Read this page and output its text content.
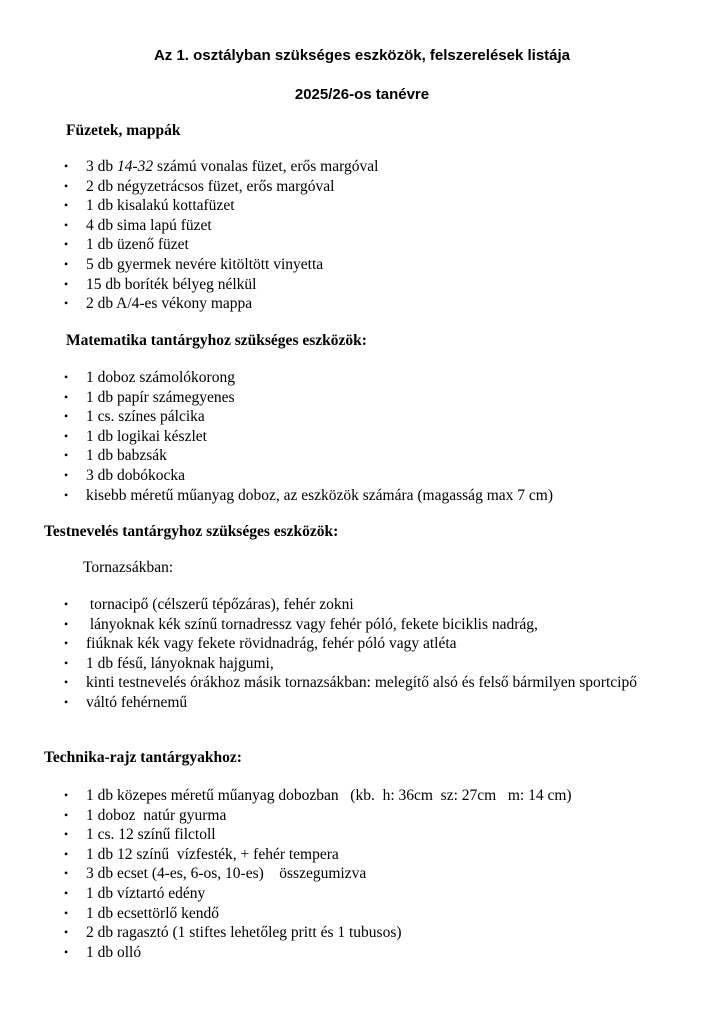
Az 1. osztályban szükséges eszközök, felszerelések listája
2025/26-os tanévre
Füzetek, mappák
• 3 db 14-32 számú vonalas füzet, erős margóval
• 2 db négyzetrácsos füzet, erős margóval
• 1 db kisalakú kottafüzet
• 4 db sima lapú füzet
• 1 db üzenő füzet
• 5 db gyermek nevére kitöltött vinyetta
• 15 db boríték bélyeg nélkül
• 2 db A/4-es vékony mappa
Matematika tantárgyhoz szükséges eszközök:
• 1 doboz számolókorong
• 1 db papír számegyenes
• 1 cs. színes pálcika
• 1 db logikai készlet
• 1 db babzsák
• 3 db dobókocka
• kisebb méretű műanyag doboz, az eszközök számára (magasság max 7 cm)
Testnevelés tantárgyhoz szükséges eszközök:
Tornazsákban:
•  tornacipő (célszerű tépőzáras), fehér zokni
•  lányoknak kék színű tornadressz vagy fehér póló, fekete biciklis nadrág,
• fiúknak kék vagy fekete rövidnadrág, fehér póló vagy atléta
• 1 db fésű, lányoknak hajgumi,
• kinti testnevelés órákhoz másik tornazsákban: melegítő alsó és felső bármilyen sportcipő
• váltó fehérnemű
Technika-rajz tantárgyakhoz:
• 1 db közepes méretű műanyag dobozban   (kb.  h: 36cm  sz: 27cm   m: 14 cm)
• 1 doboz  natúr gyurma
• 1 cs. 12 színű filctoll
• 1 db 12 színű  vízfesték, + fehér tempera
• 3 db ecset (4-es, 6-os, 10-es)    összegumizva
• 1 db víztartó edény
• 1 db ecsettörlő kendő
• 2 db ragasztó (1 stiftes lehetőleg pritt és 1 tubusos)
• 1 db olló
